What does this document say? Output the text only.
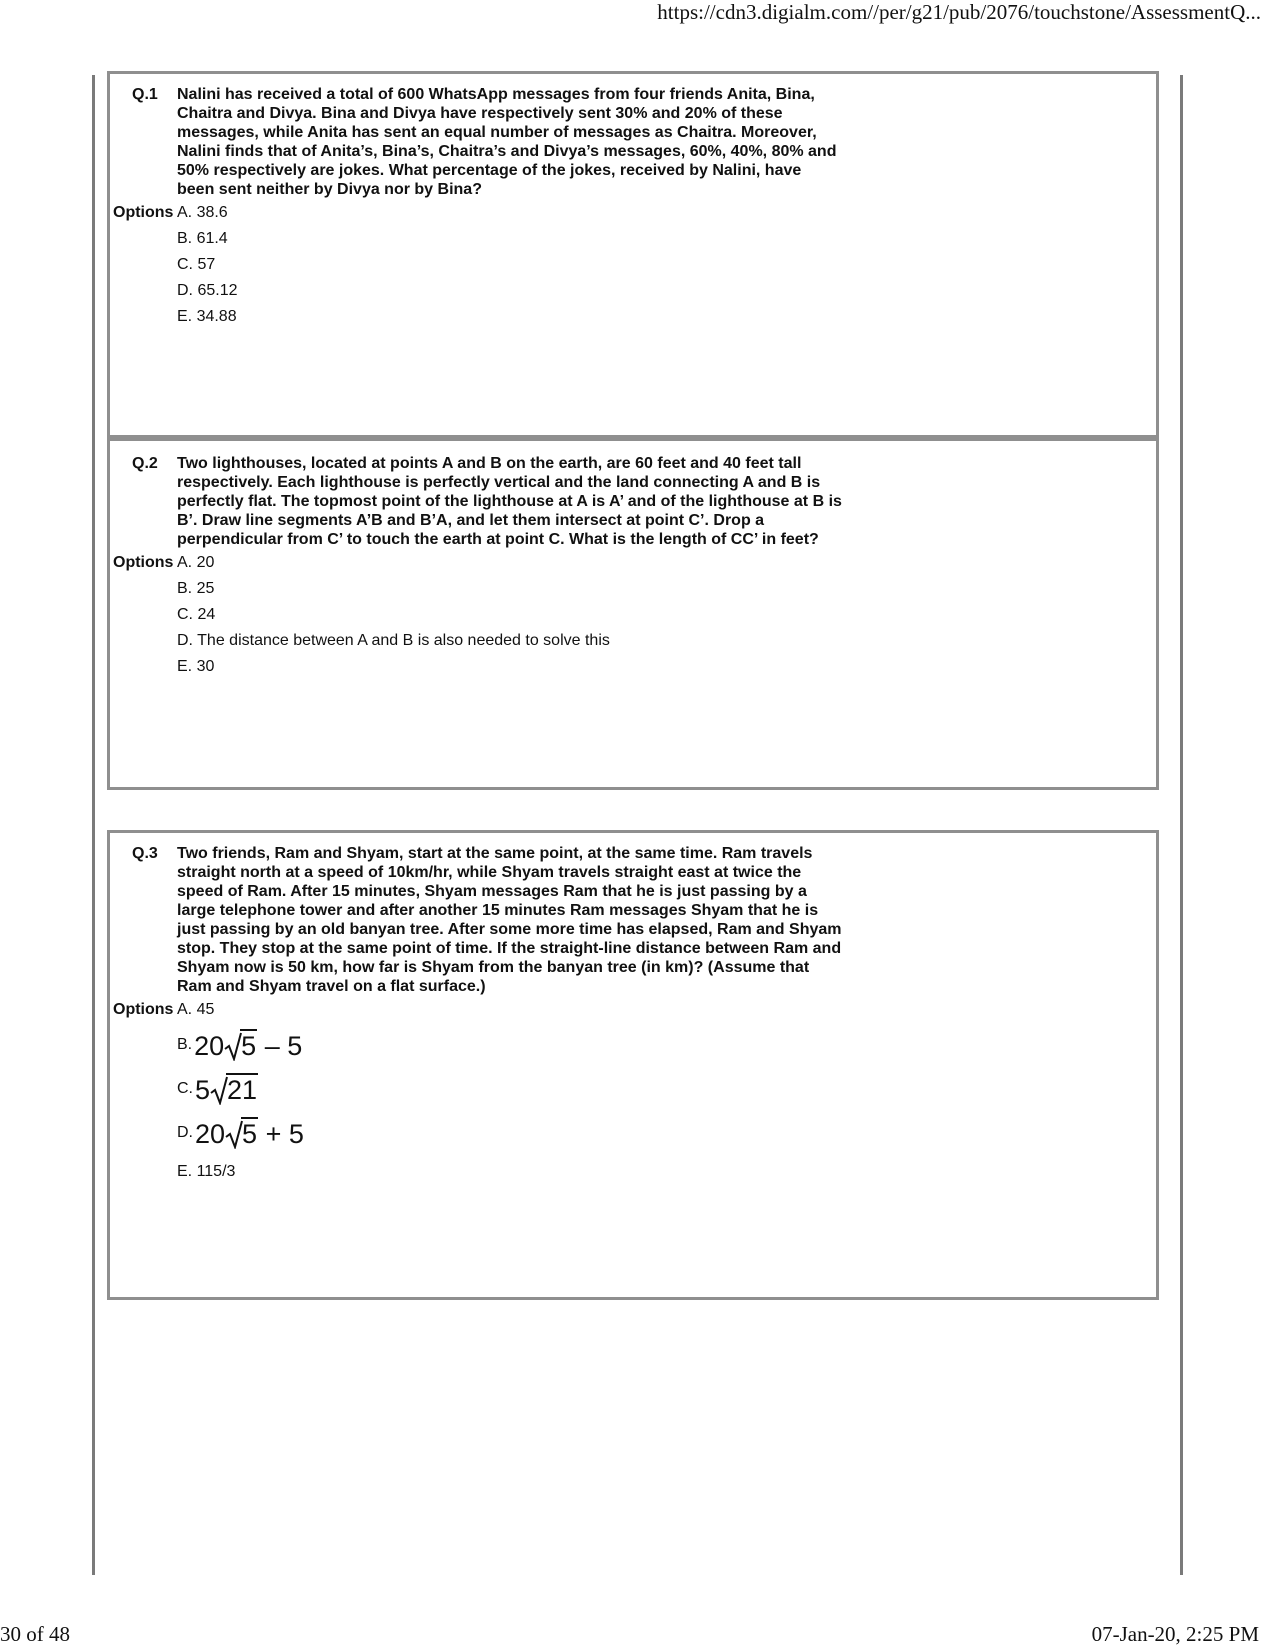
https://cdn3.digialm.com//per/g21/pub/2076/touchstone/AssessmentQ...
Q.1 Nalini has received a total of 600 WhatsApp messages from four friends Anita, Bina, Chaitra and Divya. Bina and Divya have respectively sent 30% and 20% of these messages, while Anita has sent an equal number of messages as Chaitra. Moreover, Nalini finds that of Anita’s, Bina’s, Chaitra’s and Divya’s messages, 60%, 40%, 80% and 50% respectively are jokes. What percentage of the jokes, received by Nalini, have been sent neither by Divya nor by Bina?
Options A. 38.6
B. 61.4
C. 57
D. 65.12
E. 34.88
Q.2 Two lighthouses, located at points A and B on the earth, are 60 feet and 40 feet tall respectively. Each lighthouse is perfectly vertical and the land connecting A and B is perfectly flat. The topmost point of the lighthouse at A is A’ and of the lighthouse at B is B’. Draw line segments A’B and B’A, and let them intersect at point C’. Drop a perpendicular from C’ to touch the earth at point C. What is the length of CC’ in feet?
Options A. 20
B. 25
C. 24
D. The distance between A and B is also needed to solve this
E. 30
Q.3 Two friends, Ram and Shyam, start at the same point, at the same time. Ram travels straight north at a speed of 10km/hr, while Shyam travels straight east at twice the speed of Ram. After 15 minutes, Shyam messages Ram that he is just passing by a large telephone tower and after another 15 minutes Ram messages Shyam that he is just passing by an old banyan tree. After some more time has elapsed, Ram and Shyam stop. They stop at the same point of time. If the straight-line distance between Ram and Shyam now is 50 km, how far is Shyam from the banyan tree (in km)? (Assume that Ram and Shyam travel on a flat surface.)
Options A. 45
B.20 5 – 5
C.5 21
D.20 5 + 5
E. 115/3
30 of 48	07-Jan-20, 2:25 PM
